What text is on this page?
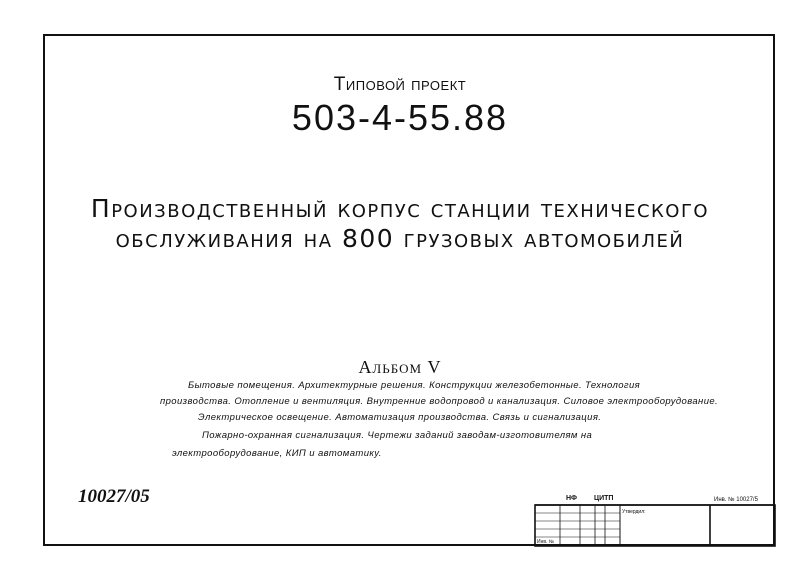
Типовой проект
503-4-55.88
Производственный корпус станции технического
обслуживания на 800 грузовых автомобилей
Альбом V
Бытовые помещения. Архитектурные решения. Конструкции железобетонные. Технология
производства. Отопление и вентиляция. Внутренние водопровод и канализация. Силовое электрооборудование.
Электрическое освещение. Автоматизация производства. Связь и сигнализация.
Пожарно-охранная сигнализация. Чертежи заданий заводам-изготовителям на
электрооборудование, КИП и автоматику.
10027/05	НФ ЦИТП	Инв. № 10027/5
Утвердил:
Инв. №
